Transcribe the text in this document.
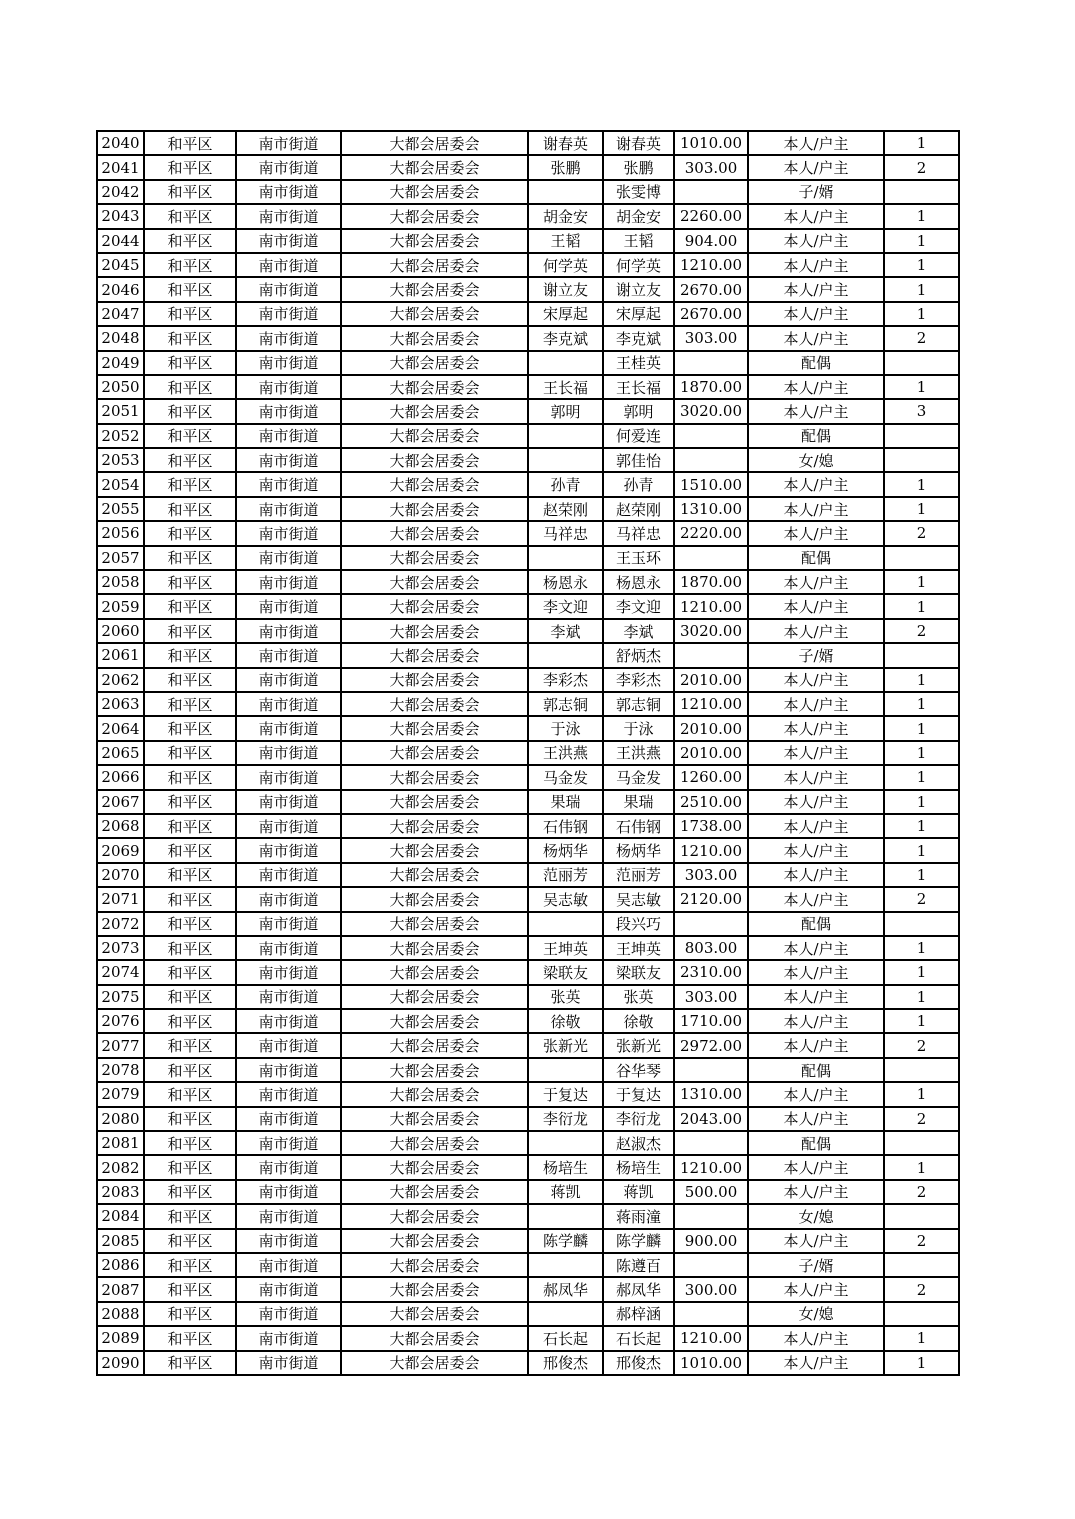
2040	和平区	南市街道	大都会居委会	谢春英	谢春英	1010.00	本人/户主	1
2041	和平区	南市街道	大都会居委会	张鹏	张鹏	303.00	本人/户主	2
2042	和平区	南市街道	大都会居委会		张雯博		子/婿	
2043	和平区	南市街道	大都会居委会	胡金安	胡金安	2260.00	本人/户主	1
2044	和平区	南市街道	大都会居委会	王韬	王韬	904.00	本人/户主	1
2045	和平区	南市街道	大都会居委会	何学英	何学英	1210.00	本人/户主	1
2046	和平区	南市街道	大都会居委会	谢立友	谢立友	2670.00	本人/户主	1
2047	和平区	南市街道	大都会居委会	宋厚起	宋厚起	2670.00	本人/户主	1
2048	和平区	南市街道	大都会居委会	李克斌	李克斌	303.00	本人/户主	2
2049	和平区	南市街道	大都会居委会		王桂英		配偶	
2050	和平区	南市街道	大都会居委会	王长福	王长福	1870.00	本人/户主	1
2051	和平区	南市街道	大都会居委会	郭明	郭明	3020.00	本人/户主	3
2052	和平区	南市街道	大都会居委会		何爱连		配偶	
2053	和平区	南市街道	大都会居委会		郭佳怡		女/媳	
2054	和平区	南市街道	大都会居委会	孙青	孙青	1510.00	本人/户主	1
2055	和平区	南市街道	大都会居委会	赵荣刚	赵荣刚	1310.00	本人/户主	1
2056	和平区	南市街道	大都会居委会	马祥忠	马祥忠	2220.00	本人/户主	2
2057	和平区	南市街道	大都会居委会		王玉环		配偶	
2058	和平区	南市街道	大都会居委会	杨恩永	杨恩永	1870.00	本人/户主	1
2059	和平区	南市街道	大都会居委会	李文迎	李文迎	1210.00	本人/户主	1
2060	和平区	南市街道	大都会居委会	李斌	李斌	3020.00	本人/户主	2
2061	和平区	南市街道	大都会居委会		舒炳杰		子/婿	
2062	和平区	南市街道	大都会居委会	李彩杰	李彩杰	2010.00	本人/户主	1
2063	和平区	南市街道	大都会居委会	郭志铜	郭志铜	1210.00	本人/户主	1
2064	和平区	南市街道	大都会居委会	于泳	于泳	2010.00	本人/户主	1
2065	和平区	南市街道	大都会居委会	王洪燕	王洪燕	2010.00	本人/户主	1
2066	和平区	南市街道	大都会居委会	马金发	马金发	1260.00	本人/户主	1
2067	和平区	南市街道	大都会居委会	果瑞	果瑞	2510.00	本人/户主	1
2068	和平区	南市街道	大都会居委会	石伟钢	石伟钢	1738.00	本人/户主	1
2069	和平区	南市街道	大都会居委会	杨炳华	杨炳华	1210.00	本人/户主	1
2070	和平区	南市街道	大都会居委会	范丽芳	范丽芳	303.00	本人/户主	1
2071	和平区	南市街道	大都会居委会	吴志敏	吴志敏	2120.00	本人/户主	2
2072	和平区	南市街道	大都会居委会		段兴巧		配偶	
2073	和平区	南市街道	大都会居委会	王坤英	王坤英	803.00	本人/户主	1
2074	和平区	南市街道	大都会居委会	梁联友	梁联友	2310.00	本人/户主	1
2075	和平区	南市街道	大都会居委会	张英	张英	303.00	本人/户主	1
2076	和平区	南市街道	大都会居委会	徐敬	徐敬	1710.00	本人/户主	1
2077	和平区	南市街道	大都会居委会	张新光	张新光	2972.00	本人/户主	2
2078	和平区	南市街道	大都会居委会		谷华琴		配偶	
2079	和平区	南市街道	大都会居委会	于复达	于复达	1310.00	本人/户主	1
2080	和平区	南市街道	大都会居委会	李衍龙	李衍龙	2043.00	本人/户主	2
2081	和平区	南市街道	大都会居委会		赵淑杰		配偶	
2082	和平区	南市街道	大都会居委会	杨培生	杨培生	1210.00	本人/户主	1
2083	和平区	南市街道	大都会居委会	蒋凯	蒋凯	500.00	本人/户主	2
2084	和平区	南市街道	大都会居委会		蒋雨潼		女/媳	
2085	和平区	南市街道	大都会居委会	陈学麟	陈学麟	900.00	本人/户主	2
2086	和平区	南市街道	大都会居委会		陈遵百		子/婿	
2087	和平区	南市街道	大都会居委会	郝凤华	郝凤华	300.00	本人/户主	2
2088	和平区	南市街道	大都会居委会		郝梓涵		女/媳	
2089	和平区	南市街道	大都会居委会	石长起	石长起	1210.00	本人/户主	1
2090	和平区	南市街道	大都会居委会	邢俊杰	邢俊杰	1010.00	本人/户主	1
